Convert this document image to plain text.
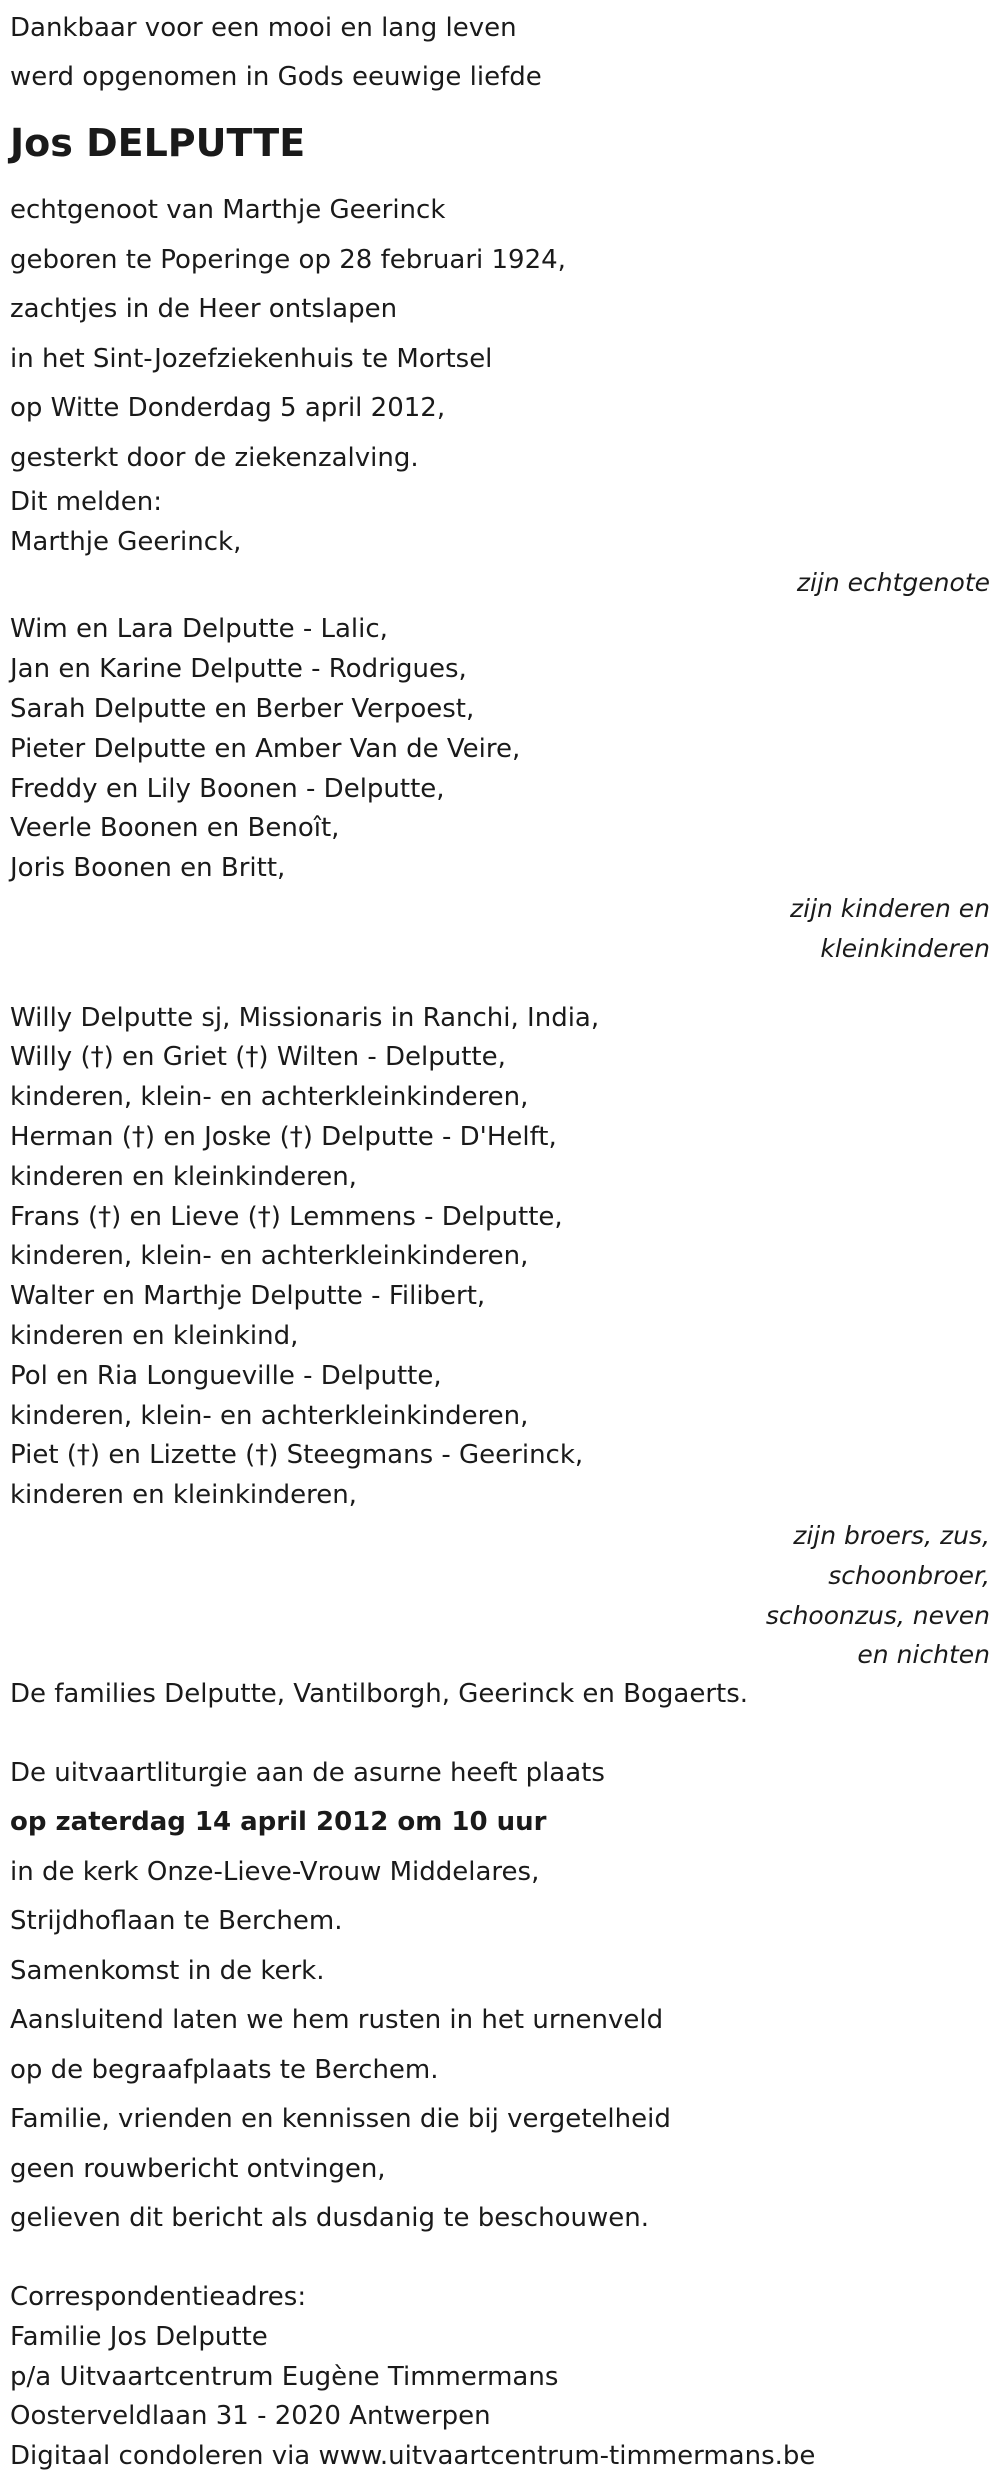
Dankbaar voor een mooi en lang leven
werd opgenomen in Gods eeuwige liefde
Jos DELPUTTE
echtgenoot van Marthje Geerinck
geboren te Poperinge op 28 februari 1924,
zachtjes in de Heer ontslapen
in het Sint-Jozefziekenhuis te Mortsel
op Witte Donderdag 5 april 2012,
gesterkt door de ziekenzalving.
Dit melden:
Marthje Geerinck,
zijn echtgenote
Wim en Lara Delputte - Lalic,
Jan en Karine Delputte - Rodrigues,
Sarah Delputte en Berber Verpoest,
Pieter Delputte en Amber Van de Veire,
Freddy en Lily Boonen - Delputte,
Veerle Boonen en Benoît,
Joris Boonen en Britt,
zijn kinderen en
kleinkinderen
Willy Delputte sj, Missionaris in Ranchi, India,
Willy (†) en Griet (†) Wilten - Delputte,
kinderen, klein- en achterkleinkinderen,
Herman (†) en Joske (†) Delputte - D'Helft,
kinderen en kleinkinderen,
Frans (†) en Lieve (†) Lemmens - Delputte,
kinderen, klein- en achterkleinkinderen,
Walter en Marthje Delputte - Filibert,
kinderen en kleinkind,
Pol en Ria Longueville - Delputte,
kinderen, klein- en achterkleinkinderen,
Piet (†) en Lizette (†) Steegmans - Geerinck,
kinderen en kleinkinderen,
zijn broers, zus,
schoonbroer,
schoonzus, neven
en nichten
De families Delputte, Vantilborgh, Geerinck en Bogaerts.
De uitvaartliturgie aan de asurne heeft plaats
op zaterdag 14 april 2012 om 10 uur
in de kerk Onze-Lieve-Vrouw Middelares,
Strijdhoflaan te Berchem.
Samenkomst in de kerk.
Aansluitend laten we hem rusten in het urnenveld
op de begraafplaats te Berchem.
Familie, vrienden en kennissen die bij vergetelheid
geen rouwbericht ontvingen,
gelieven dit bericht als dusdanig te beschouwen.
Correspondentieadres:
Familie Jos Delputte
p/a Uitvaartcentrum Eugène Timmermans
Oosterveldlaan 31 - 2020 Antwerpen
Digitaal condoleren via www.uitvaartcentrum-timmermans.be
